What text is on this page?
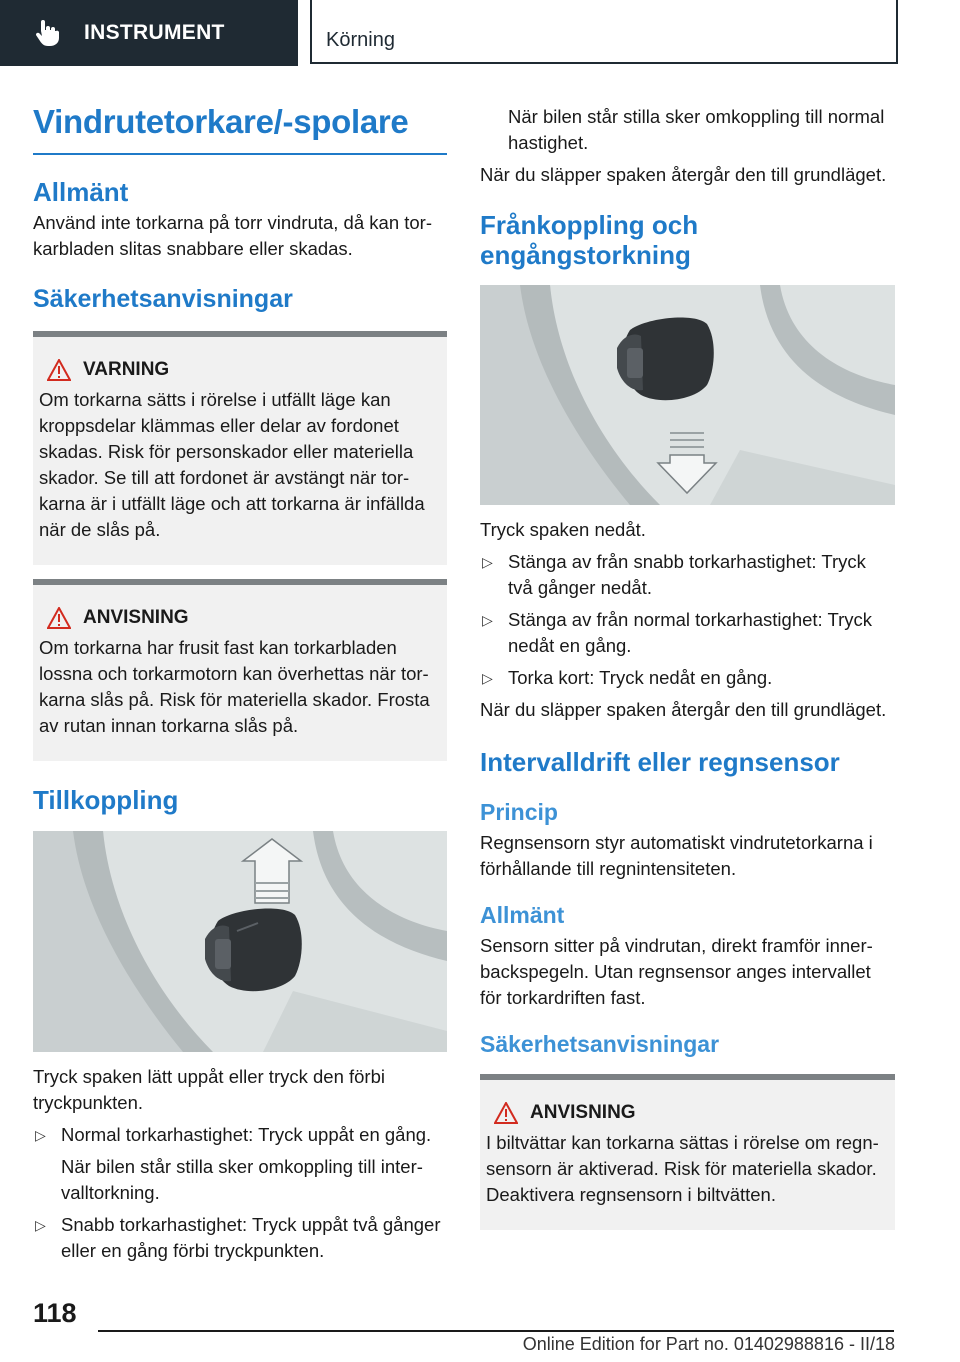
INSTRUMENT	Körning
Vindrutetorkare/-spolare
Allmänt

Använd inte torkarna på torr vindruta, då kan tor-karbladen slitas snabbare eller skadas.

Säkerhetsanvisningar
VARNING

Om torkarna sätts i rörelse i utfällt läge kan kroppsdelar klämmas eller delar av fordonet skadas. Risk för personskador eller materiella skador. Se till att fordonet är avstängt när tor-karna är i utfällt läge och att torkarna är infällda när de slås på.

ANVISNING

Om torkarna har frusit fast kan torkarbladen lossna och torkarmotorn kan överhettas när tor-karna slås på. Risk för materiella skador. Frosta av rutan innan torkarna slås på.

Tillkoppling

Tryck spaken lätt uppåt eller tryck den förbi tryckpunkten.

▷ Normal torkarhastighet: Tryck uppåt en gång.

När bilen står stilla sker omkoppling till inter-valltorkning.

▷ Snabb torkarhastighet: Tryck uppåt två gånger eller en gång förbi tryckpunkten.

När bilen står stilla sker omkoppling till normal hastighet.

När du släpper spaken återgår den till grundläget.

Frånkoppling och engångstorkning

Tryck spaken nedåt.

▷ Stänga av från snabb torkarhastighet: Tryck två gånger nedåt.
▷ Stänga av från normal torkarhastighet: Tryck nedåt en gång.
▷ Torka kort: Tryck nedåt en gång.

När du släpper spaken återgår den till grundläget.

Intervalldrift eller regnsensor
Princip

Regnsensorn styr automatiskt vindrutetorkarna i förhållande till regnintensiteten.

Allmänt

Sensorn sitter på vindrutan, direkt framför inner-backspegeln. Utan regnsensor anges intervallet för torkardriften fast.

Säkerhetsanvisningar
ANVISNING

I biltvättar kan torkarna sättas i rörelse om regn-sensorn är aktiverad. Risk för materiella skador. Deaktivera regnsensorn i biltvätten.

118
Online Edition for Part no. 01402988816 - II/18
